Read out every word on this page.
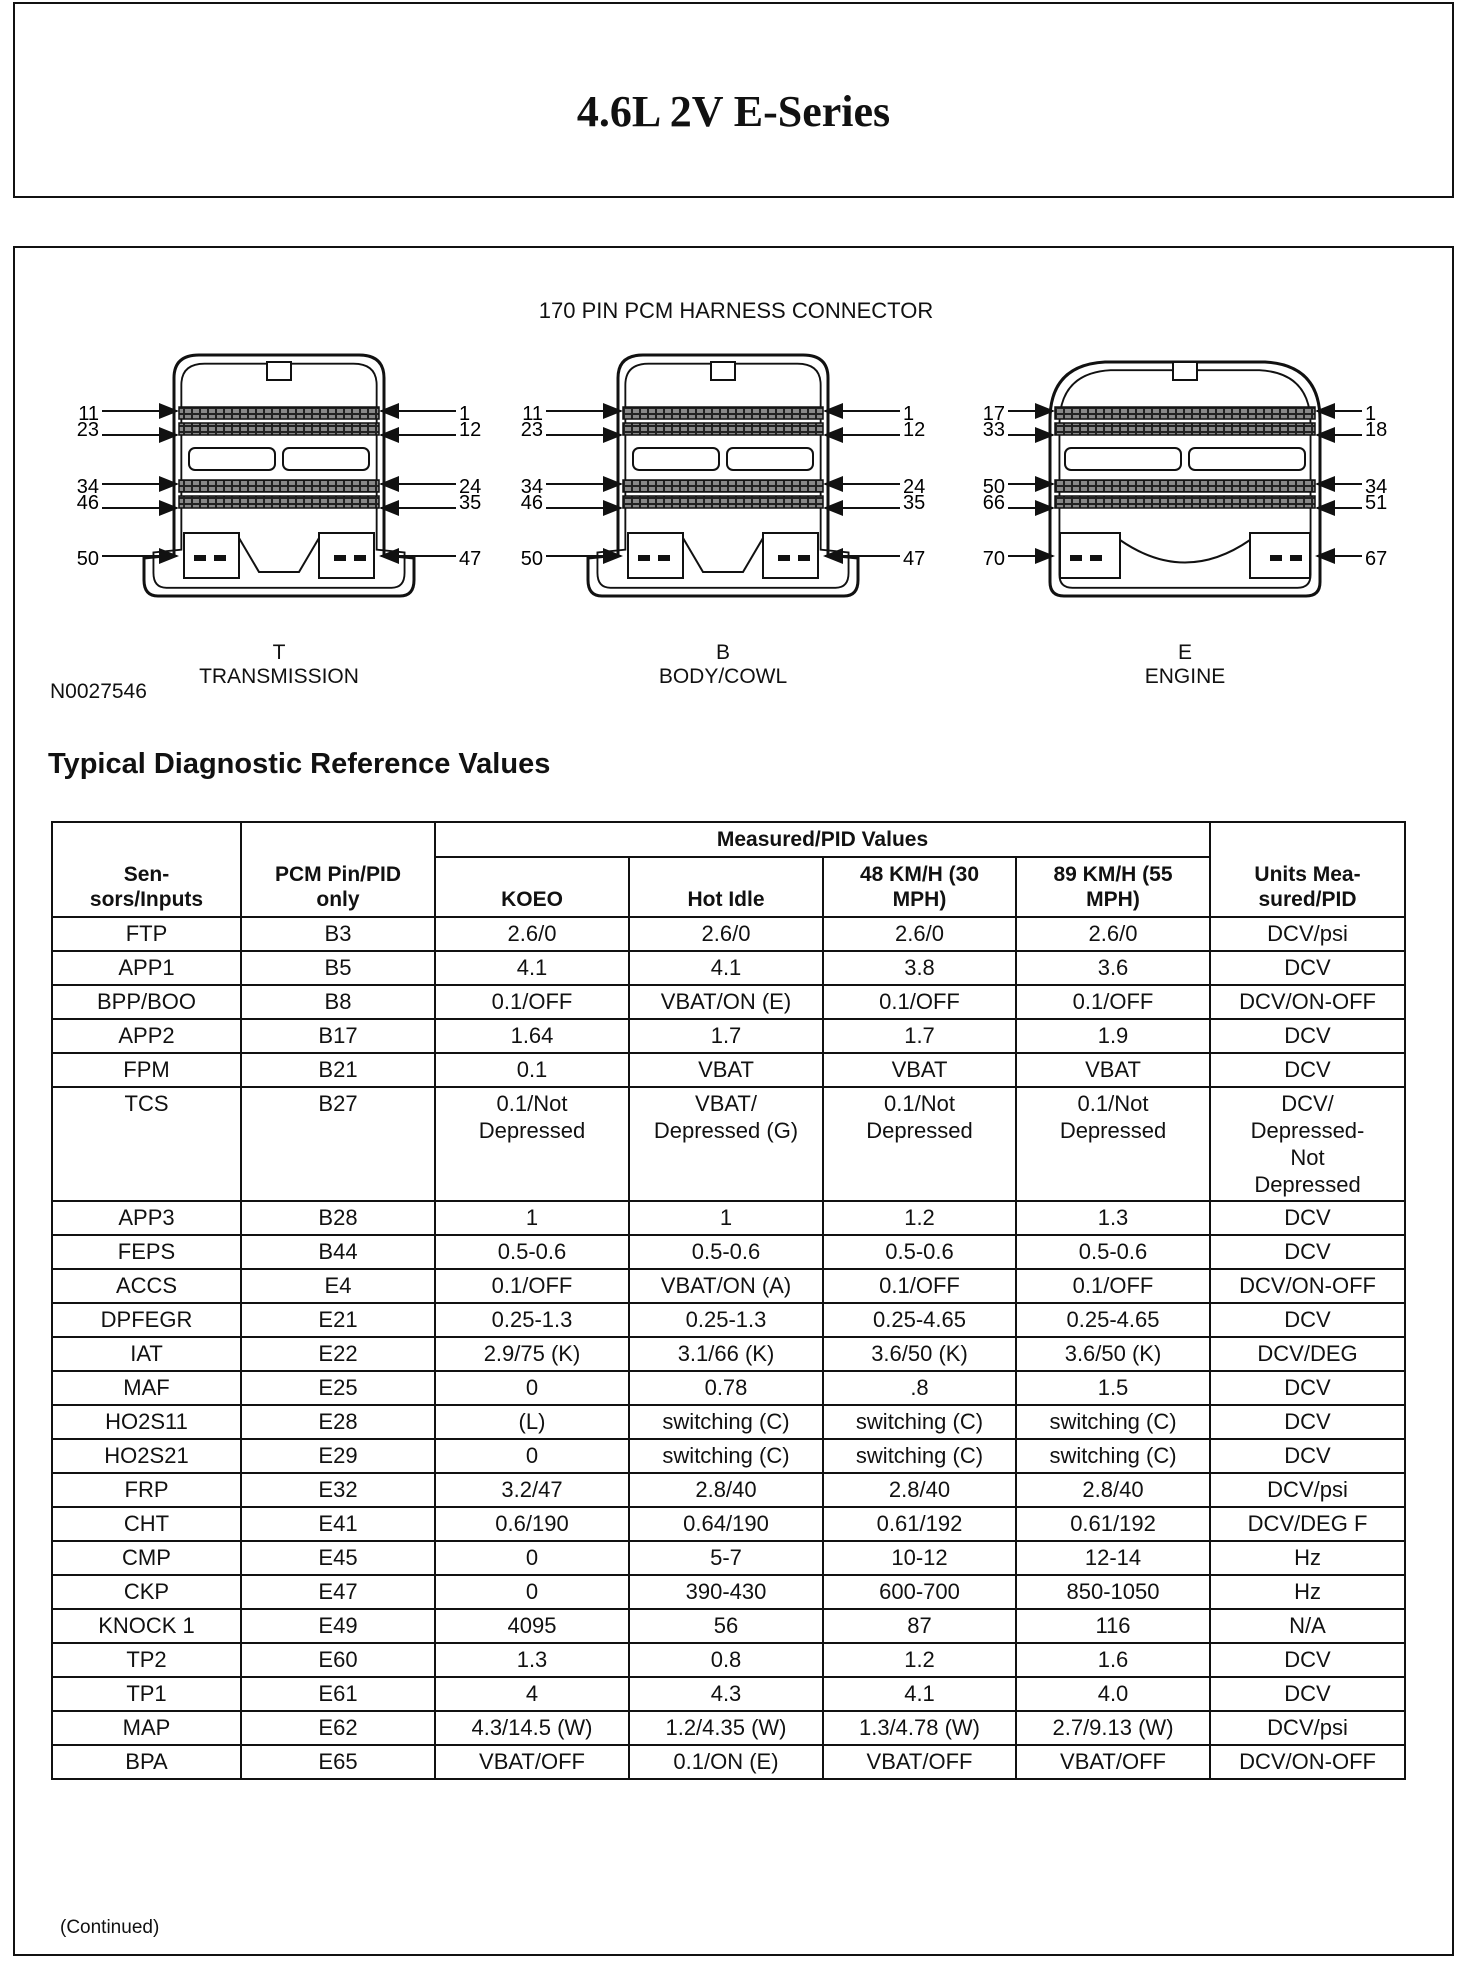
4.6L 2V E-Series
170 PIN PCM HARNESS CONNECTOR
11
23
34
46
50
1
12
24
35
47
11
23
34
46
50
1
12
24
35
47
17
33
50
66
70
1
18
34
51
67
N0027546
T
TRANSMISSION
B
BODY/COWL
E
ENGINE
Typical Diagnostic Reference Values
Sen-
sors/Inputs	PCM Pin/PID
only	Measured/PID Values				Units Mea-
sured/PID
		KOEO	Hot Idle	48 KM/H (30
MPH)	89 KM/H (55
MPH)	
FTP	B3	2.6/0	2.6/0	2.6/0	2.6/0	DCV/psi
APP1	B5	4.1	4.1	3.8	3.6	DCV
BPP/BOO	B8	0.1/OFF	VBAT/ON (E)	0.1/OFF	0.1/OFF	DCV/ON-OFF
APP2	B17	1.64	1.7	1.7	1.9	DCV
FPM	B21	0.1	VBAT	VBAT	VBAT	DCV
TCS	B27	0.1/Not
Depressed	VBAT/
Depressed (G)	0.1/Not
Depressed	0.1/Not
Depressed	DCV/
Depressed-
Not
Depressed
APP3	B28	1	1	1.2	1.3	DCV
FEPS	B44	0.5-0.6	0.5-0.6	0.5-0.6	0.5-0.6	DCV
ACCS	E4	0.1/OFF	VBAT/ON (A)	0.1/OFF	0.1/OFF	DCV/ON-OFF
DPFEGR	E21	0.25-1.3	0.25-1.3	0.25-4.65	0.25-4.65	DCV
IAT	E22	2.9/75 (K)	3.1/66 (K)	3.6/50 (K)	3.6/50 (K)	DCV/DEG
MAF	E25	0	0.78	.8	1.5	DCV
HO2S11	E28	(L)	switching (C)	switching (C)	switching (C)	DCV
HO2S21	E29	0	switching (C)	switching (C)	switching (C)	DCV
FRP	E32	3.2/47	2.8/40	2.8/40	2.8/40	DCV/psi
CHT	E41	0.6/190	0.64/190	0.61/192	0.61/192	DCV/DEG F
CMP	E45	0	5-7	10-12	12-14	Hz
CKP	E47	0	390-430	600-700	850-1050	Hz
KNOCK 1	E49	4095	56	87	116	N/A
TP2	E60	1.3	0.8	1.2	1.6	DCV
TP1	E61	4	4.3	4.1	4.0	DCV
MAP	E62	4.3/14.5 (W)	1.2/4.35 (W)	1.3/4.78 (W)	2.7/9.13 (W)	DCV/psi
BPA	E65	VBAT/OFF	0.1/ON (E)	VBAT/OFF	VBAT/OFF	DCV/ON-OFF
(Continued)
